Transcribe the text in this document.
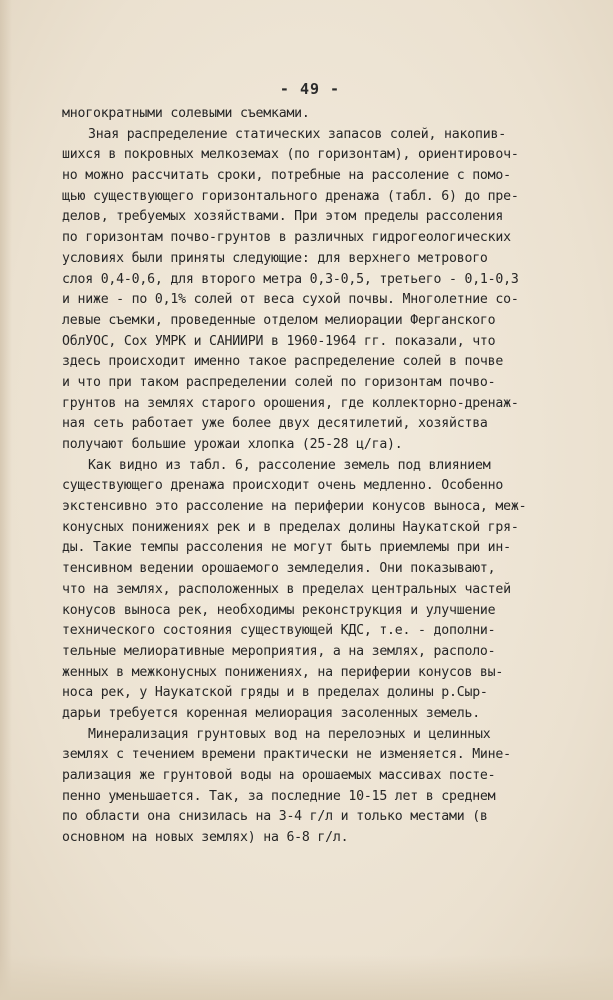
- 49 -

многократными солевыми съемками.
Зная распределение статических запасов солей, накопив-
шихся в покровных мелкоземах (по горизонтам), ориентировоч-
но можно рассчитать сроки, потребные на рассоление с помо-
щью существующего горизонтального дренажа (табл. 6) до пре-
делов, требуемых хозяйствами. При этом пределы рассоления
по горизонтам почво-грунтов в различных гидрогеологических
условиях были приняты следующие: для верхнего метрового
слоя 0,4-0,6, для второго метра 0,3-0,5, третьего - 0,1-0,3
и ниже - по 0,1% солей от веса сухой почвы. Многолетние со-
левые съемки, проведенные отделом мелиорации Ферганского
ОблУОС, Сох УМРК и САНИИРИ в 1960-1964 гг. показали, что
здесь происходит именно такое распределение солей в почве
и что при таком распределении солей по горизонтам почво-
грунтов на землях старого орошения, где коллекторно-дренаж-
ная сеть работает уже более двух десятилетий, хозяйства
получают большие урожаи хлопка (25-28 ц/га).
Как видно из табл. 6, рассоление земель под влиянием
существующего дренажа происходит очень медленно. Особенно
экстенсивно это рассоление на периферии конусов выноса, меж-
конусных понижениях рек и в пределах долины Наукатской гря-
ды. Такие темпы рассоления не могут быть приемлемы при ин-
тенсивном ведении орошаемого земледелия. Они показывают,
что на землях, расположенных в пределах центральных частей
конусов выноса рек, необходимы реконструкция и улучшение
технического состояния существующей КДС, т.е. - дополни-
тельные мелиоративные мероприятия, а на землях, располо-
женных в межконусных понижениях, на периферии конусов вы-
носа рек, у Наукатской гряды и в пределах долины р.Сыр-
дарьи требуется коренная мелиорация засоленных земель.
Минерализация грунтовых вод на перелоэных и целинных
землях с течением времени практически не изменяется. Мине-
рализация же грунтовой воды на орошаемых массивах посте-
пенно уменьшается. Так, за последние 10-15 лет в среднем
по области она снизилась на 3-4 г/л и только местами (в
основном на новых землях) на 6-8 г/л.
